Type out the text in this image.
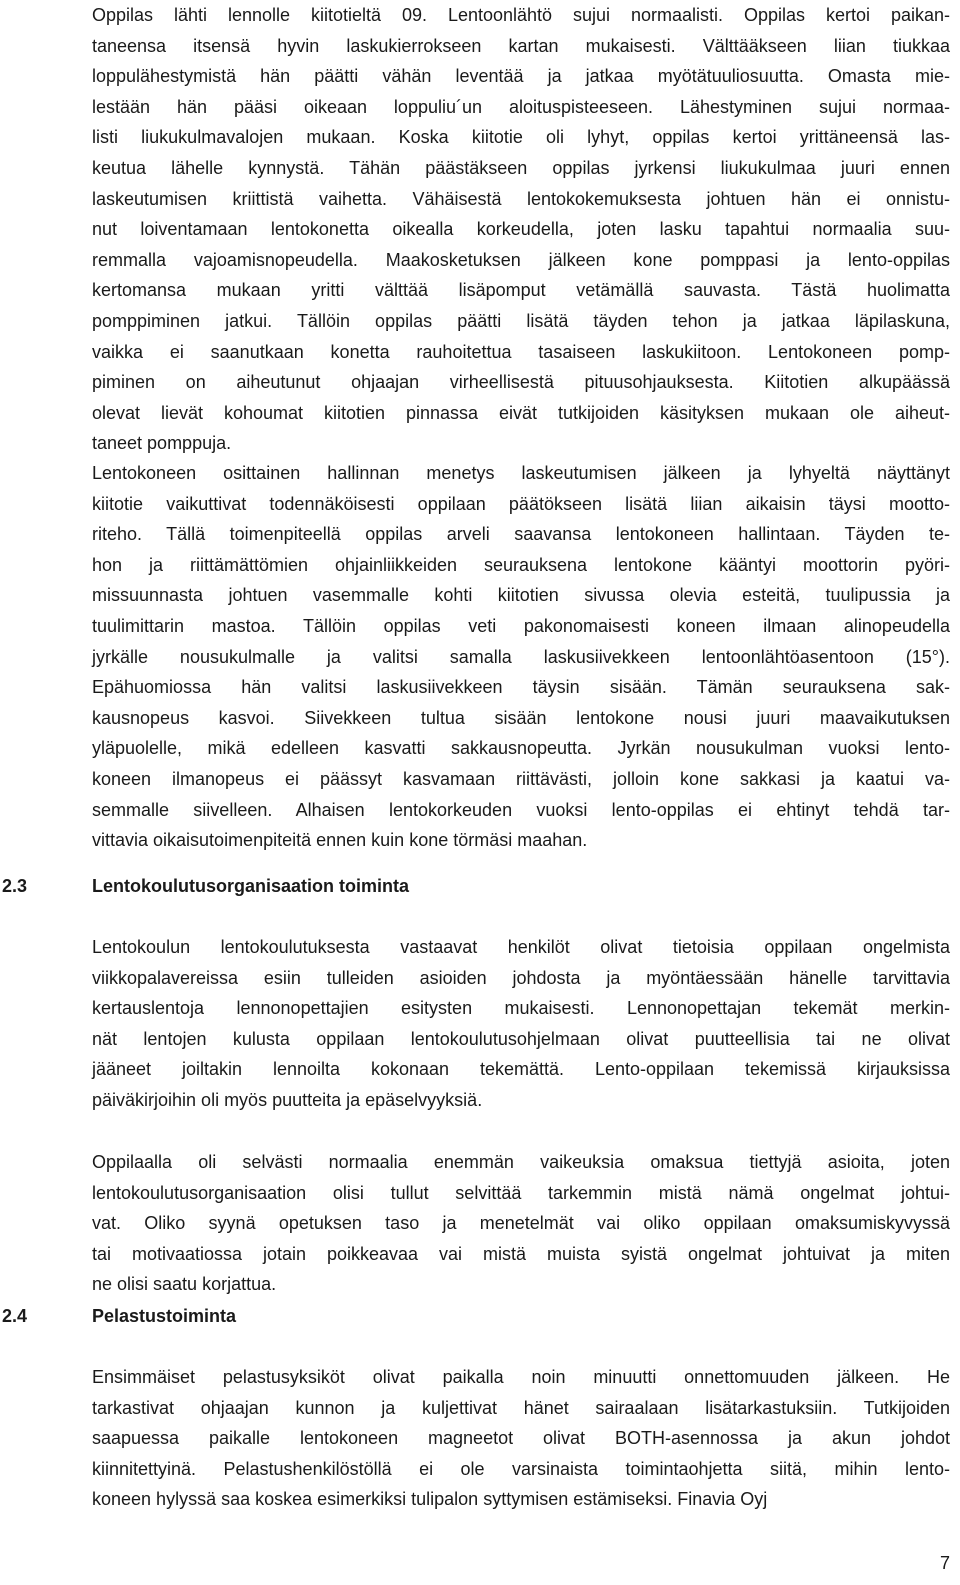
Oppilas lähti lennolle kiitotieltä 09. Lentoonlähtö sujui normaalisti. Oppilas kertoi paikan-
taneensa itsensä hyvin laskukierrokseen kartan mukaisesti. Välttääkseen liian tiukkaa
loppulähestymistä hän päätti vähän leventää ja jatkaa myötätuuliosuutta. Omasta mie-
lestään hän pääsi oikeaan loppuliu´un aloituspisteeseen. Lähestyminen sujui normaa-
listi liukukulmavalojen mukaan. Koska kiitotie oli lyhyt, oppilas kertoi yrittäneensä las-
keutua lähelle kynnystä. Tähän päästäkseen oppilas jyrkensi liukukulmaa juuri ennen
laskeutumisen kriittistä vaihetta. Vähäisestä lentokokemuksesta johtuen hän ei onnistu-
nut loiventamaan lentokonetta oikealla korkeudella, joten lasku tapahtui normaalia suu-
remmalla vajoamisnopeudella. Maakosketuksen jälkeen kone pomppasi ja lento-oppilas
kertomansa mukaan yritti välttää lisäpomput vetämällä sauvasta. Tästä huolimatta
pomppiminen jatkui. Tällöin oppilas päätti lisätä täyden tehon ja jatkaa läpilaskuna,
vaikka ei saanutkaan konetta rauhoitettua tasaiseen laskukiitoon. Lentokoneen pomp-
piminen on aiheutunut ohjaajan virheellisestä pituusohjauksesta. Kiitotien alkupäässä
olevat lievät kohoumat kiitotien pinnassa eivät tutkijoiden käsityksen mukaan ole aiheut-
taneet pomppuja.
Lentokoneen osittainen hallinnan menetys laskeutumisen jälkeen ja lyhyeltä näyttänyt
kiitotie vaikuttivat todennäköisesti oppilaan päätökseen lisätä liian aikaisin täysi mootto-
riteho. Tällä toimenpiteellä oppilas arveli saavansa lentokoneen hallintaan. Täyden te-
hon ja riittämättömien ohjainliikkeiden seurauksena lentokone kääntyi moottorin pyöri-
missuunnasta johtuen vasemmalle kohti kiitotien sivussa olevia esteitä, tuulipussia ja
tuulimittarin mastoa. Tällöin oppilas veti pakonomaisesti koneen ilmaan alinopeudella
jyrkälle nousukulmalle ja valitsi samalla laskusiivekkeen lentoonlähtöasentoon (15°).
Epähuomiossa hän valitsi laskusiivekkeen täysin sisään. Tämän seurauksena sak-
kausnopeus kasvoi. Siivekkeen tultua sisään lentokone nousi juuri maavaikutuksen
yläpuolelle, mikä edelleen kasvatti sakkausnopeutta. Jyrkän nousukulman vuoksi lento-
koneen ilmanopeus ei päässyt kasvamaan riittävästi, jolloin kone sakkasi ja kaatui va-
semmalle siivelleen. Alhaisen lentokorkeuden vuoksi lento-oppilas ei ehtinyt tehdä tar-
vittavia oikaisutoimenpiteitä ennen kuin kone törmäsi maahan.
2.3	Lentokoulutusorganisaation toiminta
Lentokoulun lentokoulutuksesta vastaavat henkilöt olivat tietoisia oppilaan ongelmista
viikkopalavereissa esiin tulleiden asioiden johdosta ja myöntäessään hänelle tarvittavia
kertauslentoja lennonopettajien esitysten mukaisesti. Lennonopettajan tekemät merkin-
nät lentojen kulusta oppilaan lentokoulutusohjelmaan olivat puutteellisia tai ne olivat
jääneet joiltakin lennoilta kokonaan tekemättä. Lento-oppilaan tekemissä kirjauksissa
päiväkirjoihin oli myös puutteita ja epäselvyyksiä.
Oppilaalla oli selvästi normaalia enemmän vaikeuksia omaksua tiettyjä asioita, joten
lentokoulutusorganisaation olisi tullut selvittää tarkemmin mistä nämä ongelmat johtui-
vat. Oliko syynä opetuksen taso ja menetelmät vai oliko oppilaan omaksumiskyvyssä
tai motivaatiossa jotain poikkeavaa vai mistä muista syistä ongelmat johtuivat ja miten
ne olisi saatu korjattua.
2.4	Pelastustoiminta
Ensimmäiset pelastusyksiköt olivat paikalla noin minuutti onnettomuuden jälkeen. He
tarkastivat ohjaajan kunnon ja kuljettivat hänet sairaalaan lisätarkastuksiin. Tutkijoiden
saapuessa paikalle lentokoneen magneetot olivat BOTH-asennossa ja akun johdot
kiinnitettyinä. Pelastushenkilöstöllä ei ole varsinaista toimintaohjetta siitä, mihin lento-
koneen hylyssä saa koskea esimerkiksi tulipalon syttymisen estämiseksi. Finavia Oyj
7
